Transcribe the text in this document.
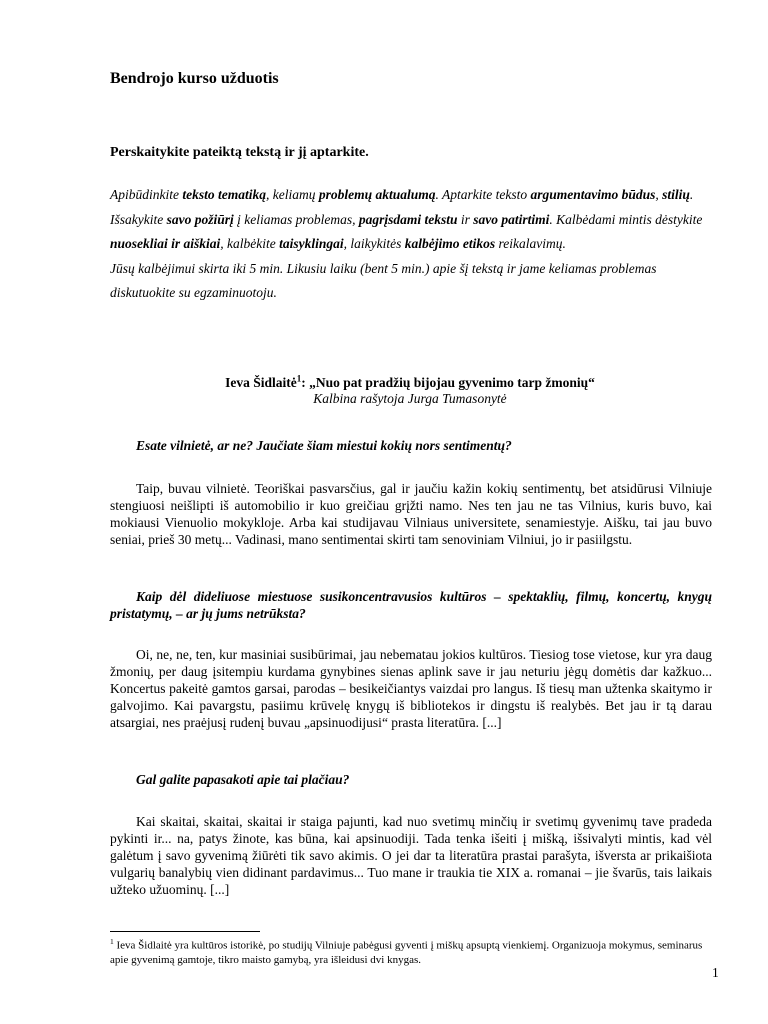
Bendrojo kurso užduotis

Perskaitykite pateiktą tekstą ir jį aptarkite.

Apibūdinkite teksto tematiką, keliamų problemų aktualumą. Aptarkite teksto argumentavimo būdus, stilių. Išsakykite savo požiūrį į keliamas problemas, pagrįsdami tekstu ir savo patirtimi. Kalbėdami mintis dėstykite nuosekliai ir aiškiai, kalbėkite taisyklingai, laikykitės kalbėjimo etikos reikalavimų.
Jūsų kalbėjimui skirta iki 5 min. Likusiu laiku (bent 5 min.) apie šį tekstą ir jame keliamas problemas diskutuokite su egzaminuotoju.

Ieva Šidlaitė$^1$: „Nuo pat pradžių bijojau gyvenimo tarp žmonių“
Kalbina rašytoja Jurga Tumasonytė

Esate vilnietė, ar ne? Jaučiate šiam miestui kokių nors sentimentų?

Taip, buvau vilnietė. Teoriškai pasvarsčius, gal ir jaučiu kažin kokių sentimentų, bet atsidūrusi Vilniuje stengiuosi neišlipti iš automobilio ir kuo greičiau grįžti namo. Nes ten jau ne tas Vilnius, kuris buvo, kai mokiausi Vienuolio mokykloje. Arba kai studijavau Vilniaus universitete, senamiestyje. Aišku, tai jau buvo seniai, prieš 30 metų... Vadinasi, mano sentimentai skirti tam senoviniam Vilniui, jo ir pasiilgstu.

Kaip dėl dideliuose miestuose susikoncentravusios kultūros – spektaklių, filmų, koncertų, knygų pristatymų, – ar jų jums netrūksta?

Oi, ne, ne, ten, kur masiniai susibūrimai, jau nebematau jokios kultūros. Tiesiog tose vietose, kur yra daug žmonių, per daug įsitempiu kurdama gynybines sienas aplink save ir jau neturiu jėgų domėtis dar kažkuo... Koncertus pakeitė gamtos garsai, parodas – besikeičiantys vaizdai pro langus. Iš tiesų man užtenka skaitymo ir galvojimo. Kai pavargstu, pasiimu krūvelę knygų iš bibliotekos ir dingstu iš realybės. Bet jau ir tą darau atsargiai, nes praėjusį rudenį buvau „apsinuodijusi“ prasta literatūra. [...]

Gal galite papasakoti apie tai plačiau?

Kai skaitai, skaitai, skaitai ir staiga pajunti, kad nuo svetimų minčių ir svetimų gyvenimų tave pradeda pykinti ir... na, patys žinote, kas būna, kai apsinuodiji. Tada tenka išeiti į mišką, išsivalyti mintis, kad vėl galėtum į savo gyvenimą žiūrėti tik savo akimis. O jei dar ta literatūra prastai parašyta, išversta ar prikaišiota vulgarių banalybių vien didinant pardavimus... Tuo mane ir traukia tie XIX a. romanai – jie švarūs, tais laikais užteko užuominų. [...]

$^1$ Ieva Šidlaitė yra kultūros istorikė, po studijų Vilniuje pabėgusi gyventi į miškų apsuptą vienkiemį. Organizuoja mokymus, seminarus apie gyvenimą gamtoje, tikro maisto gamybą, yra išleidusi dvi knygas.

1
